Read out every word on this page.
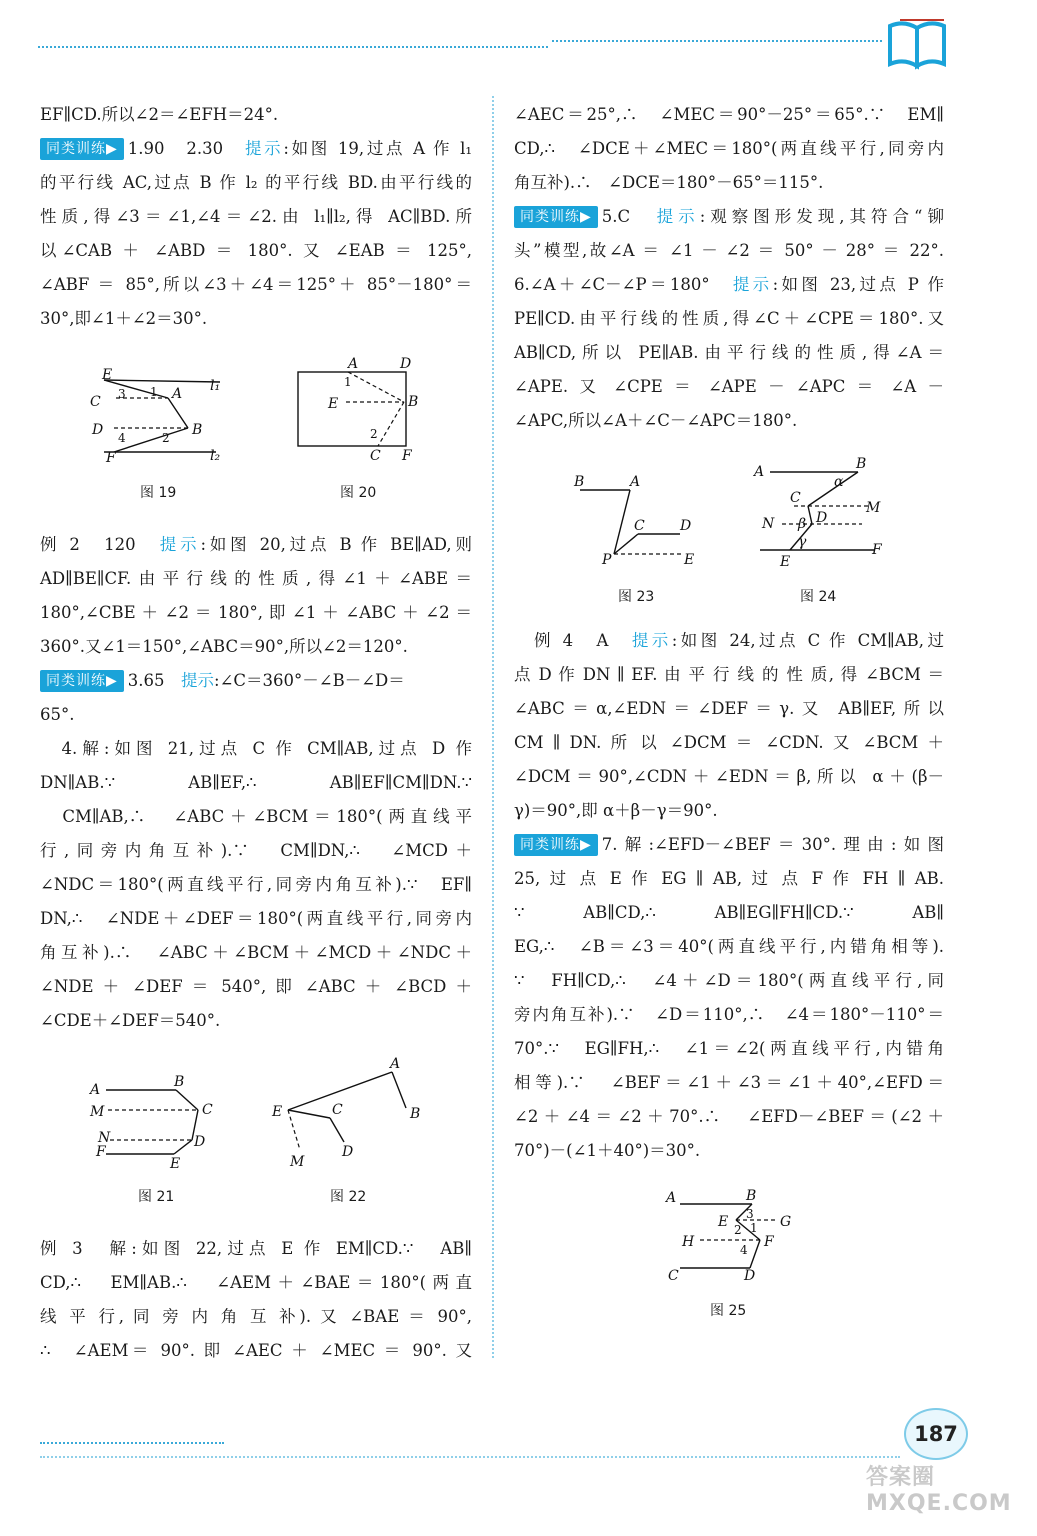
EF∥CD.所以∠2＝∠EFH＝24°.

同类训练▶ 1.90　2.30　提示:如图 19,过点 A 作 l₁

的平行线 AC,过点 B 作 l₂ 的平行线 BD.由平行线的

性质,得∠3＝∠1,∠4＝∠2.由 l₁∥l₂,得 AC∥BD.所

以∠CAB ＋ ∠ABD ＝ 180°. 又 ∠EAB ＝ 125°,

∠ABF ＝ 85°,所以∠3＋∠4＝125°＋ 85°－180°＝

30°,即∠1＋∠2＝30°.

E
C	A
D	B
F
l₁
l₂
3 1
4	2
图 19
A	D
E	B
C F
1
2
图 20

例 2　120　提示:如图 20,过点 B 作 BE∥AD,则

AD∥BE∥CF.由平行线的性质,得∠1＋∠ABE＝

180°,∠CBE ＋ ∠2 ＝ 180°, 即 ∠1 ＋ ∠ABC ＋ ∠2 ＝

360°.又∠1＝150°,∠ABC＝90°,所以∠2＝120°.

同类训练▶ 3.65　提示:∠C＝360°－∠B－∠D＝

65°.

　4.解:如图 21,过点 C 作 CM∥AB,过点 D 作

DN∥AB.∵　AB∥EF,∴　AB∥EF∥CM∥DN.∵

　CM∥AB,∴　∠ABC＋∠BCM＝180°(两直线平

行,同旁内角互补).∵　CM∥DN,∴　∠MCD＋

∠NDC＝180°(两直线平行,同旁内角互补).∵　EF∥

DN,∴　∠NDE＋∠DEF＝180°(两直线平行,同旁内

角互补).∴　∠ABC＋∠BCM＋∠MCD＋∠NDC＋

∠NDE ＋ ∠DEF ＝ 540°, 即 ∠ABC ＋ ∠BCD ＋

∠CDE＋∠DEF＝540°.

A	B
M	C
N
F
D
E
图 21
A
E	C	B
M
D
图 22

例 3　解:如图 22,过点 E 作 EM∥CD.∵　AB∥

CD,∴　EM∥AB.∴　∠AEM＋∠BAE＝180°(两直

线 平 行, 同 旁 内 角 互 补). 又 ∠BAE ＝ 90°,

∴　∠AEM＝ 90°. 即 ∠AEC ＋ ∠MEC ＝ 90°. 又

∠AEC＝25°,∴　∠MEC＝90°－25°＝65°.∵　EM∥

CD,∴　∠DCE＋∠MEC＝180°(两直线平行,同旁内

角互补).∴　∠DCE＝180°－65°＝115°.

同类训练▶ 5.C　提示:观察图形发现,其符合“铆

头”模型,故∠A ＝ ∠1 － ∠2 ＝ 50° － 28° ＝ 22°.

6.∠A＋∠C－∠P＝180°　提示:如图 23,过点 P 作

PE∥CD.由平行线的性质,得∠C＋∠CPE＝180°.又

AB∥CD,所以 PE∥AB.由平行线的性质,得∠A＝

∠APE. 又 ∠CPE ＝ ∠APE － ∠APC ＝ ∠A －

∠APC,所以∠A＋∠C－∠APC＝180°.

B	A
C	D
P	E
图 23
A	B
α
C
M
N β D
γ	F
E
图 24

　例 4　A　提示:如图 24,过点 C 作 CM∥AB,过

点 D 作 DN ∥ EF. 由 平 行 线 的 性 质, 得 ∠BCM ＝

∠ABC＝α,∠EDN＝∠DEF＝γ.又 AB∥EF,所以

CM ∥ DN. 所 以 ∠DCM ＝ ∠CDN. 又 ∠BCM ＋

∠DCM＝90°,∠CDN＋∠EDN＝β,所以 α＋(β－

γ)＝90°,即 α＋β－γ＝90°.

同类训练▶ 7.解:∠EFD－∠BEF＝30°.理由:如图

25, 过 点 E 作 EG ∥ AB, 过 点 F 作 FH ∥ AB.

∵　AB∥CD,∴　AB∥EG∥FH∥CD.∵　AB∥

EG,∴　∠B＝∠3＝40°(两直线平行,内错角相等).

∵　FH∥CD,∴　∠4＋∠D＝180°(两直线平行,同

旁内角互补).∵　∠D＝110°,∴　∠4＝180°－110°＝

70°.∵　EG∥FH,∴　∠1＝∠2(两直线平行,内错角

相等).∵　∠BEF＝∠1＋∠3＝∠1＋40°,∠EFD＝

∠2＋∠4＝∠2＋70°.∴　∠EFD－∠BEF＝(∠2＋

70°)－(∠1＋40°)＝30°.

A	B
E 3 G
2 1
H	F
4
C	D
图 25
187
答案圈 MXQE.COM
